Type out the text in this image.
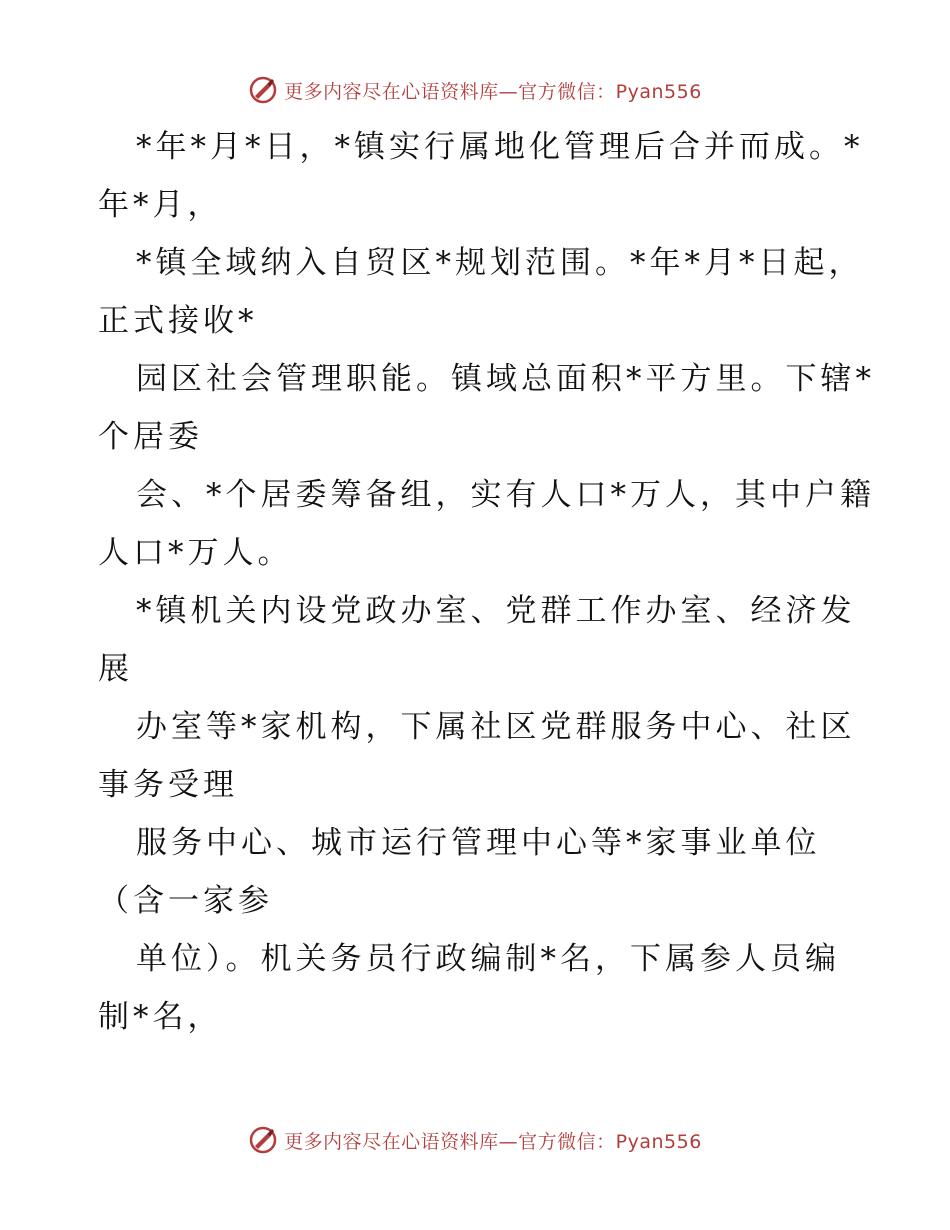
更多内容尽在心语资料库—官方微信：Pyan556
*年*月*日，*镇实行属地化管理后合并而成。*
年*月，
*镇全域纳入自贸区*规划范围。*年*月*日起，
正式接收*
园区社会管理职能。镇域总面积*平方里。下辖*
个居委
会、*个居委筹备组，实有人口*万人，其中户籍
人口*万人。
*镇机关内设党政办室、党群工作办室、经济发
展
办室等*家机构，下属社区党群服务中心、社区
事务受理
服务中心、城市运行管理中心等*家事业单位
（含一家参
单位）。机关务员行政编制*名，下属参人员编
制*名，
更多内容尽在心语资料库—官方微信：Pyan556
